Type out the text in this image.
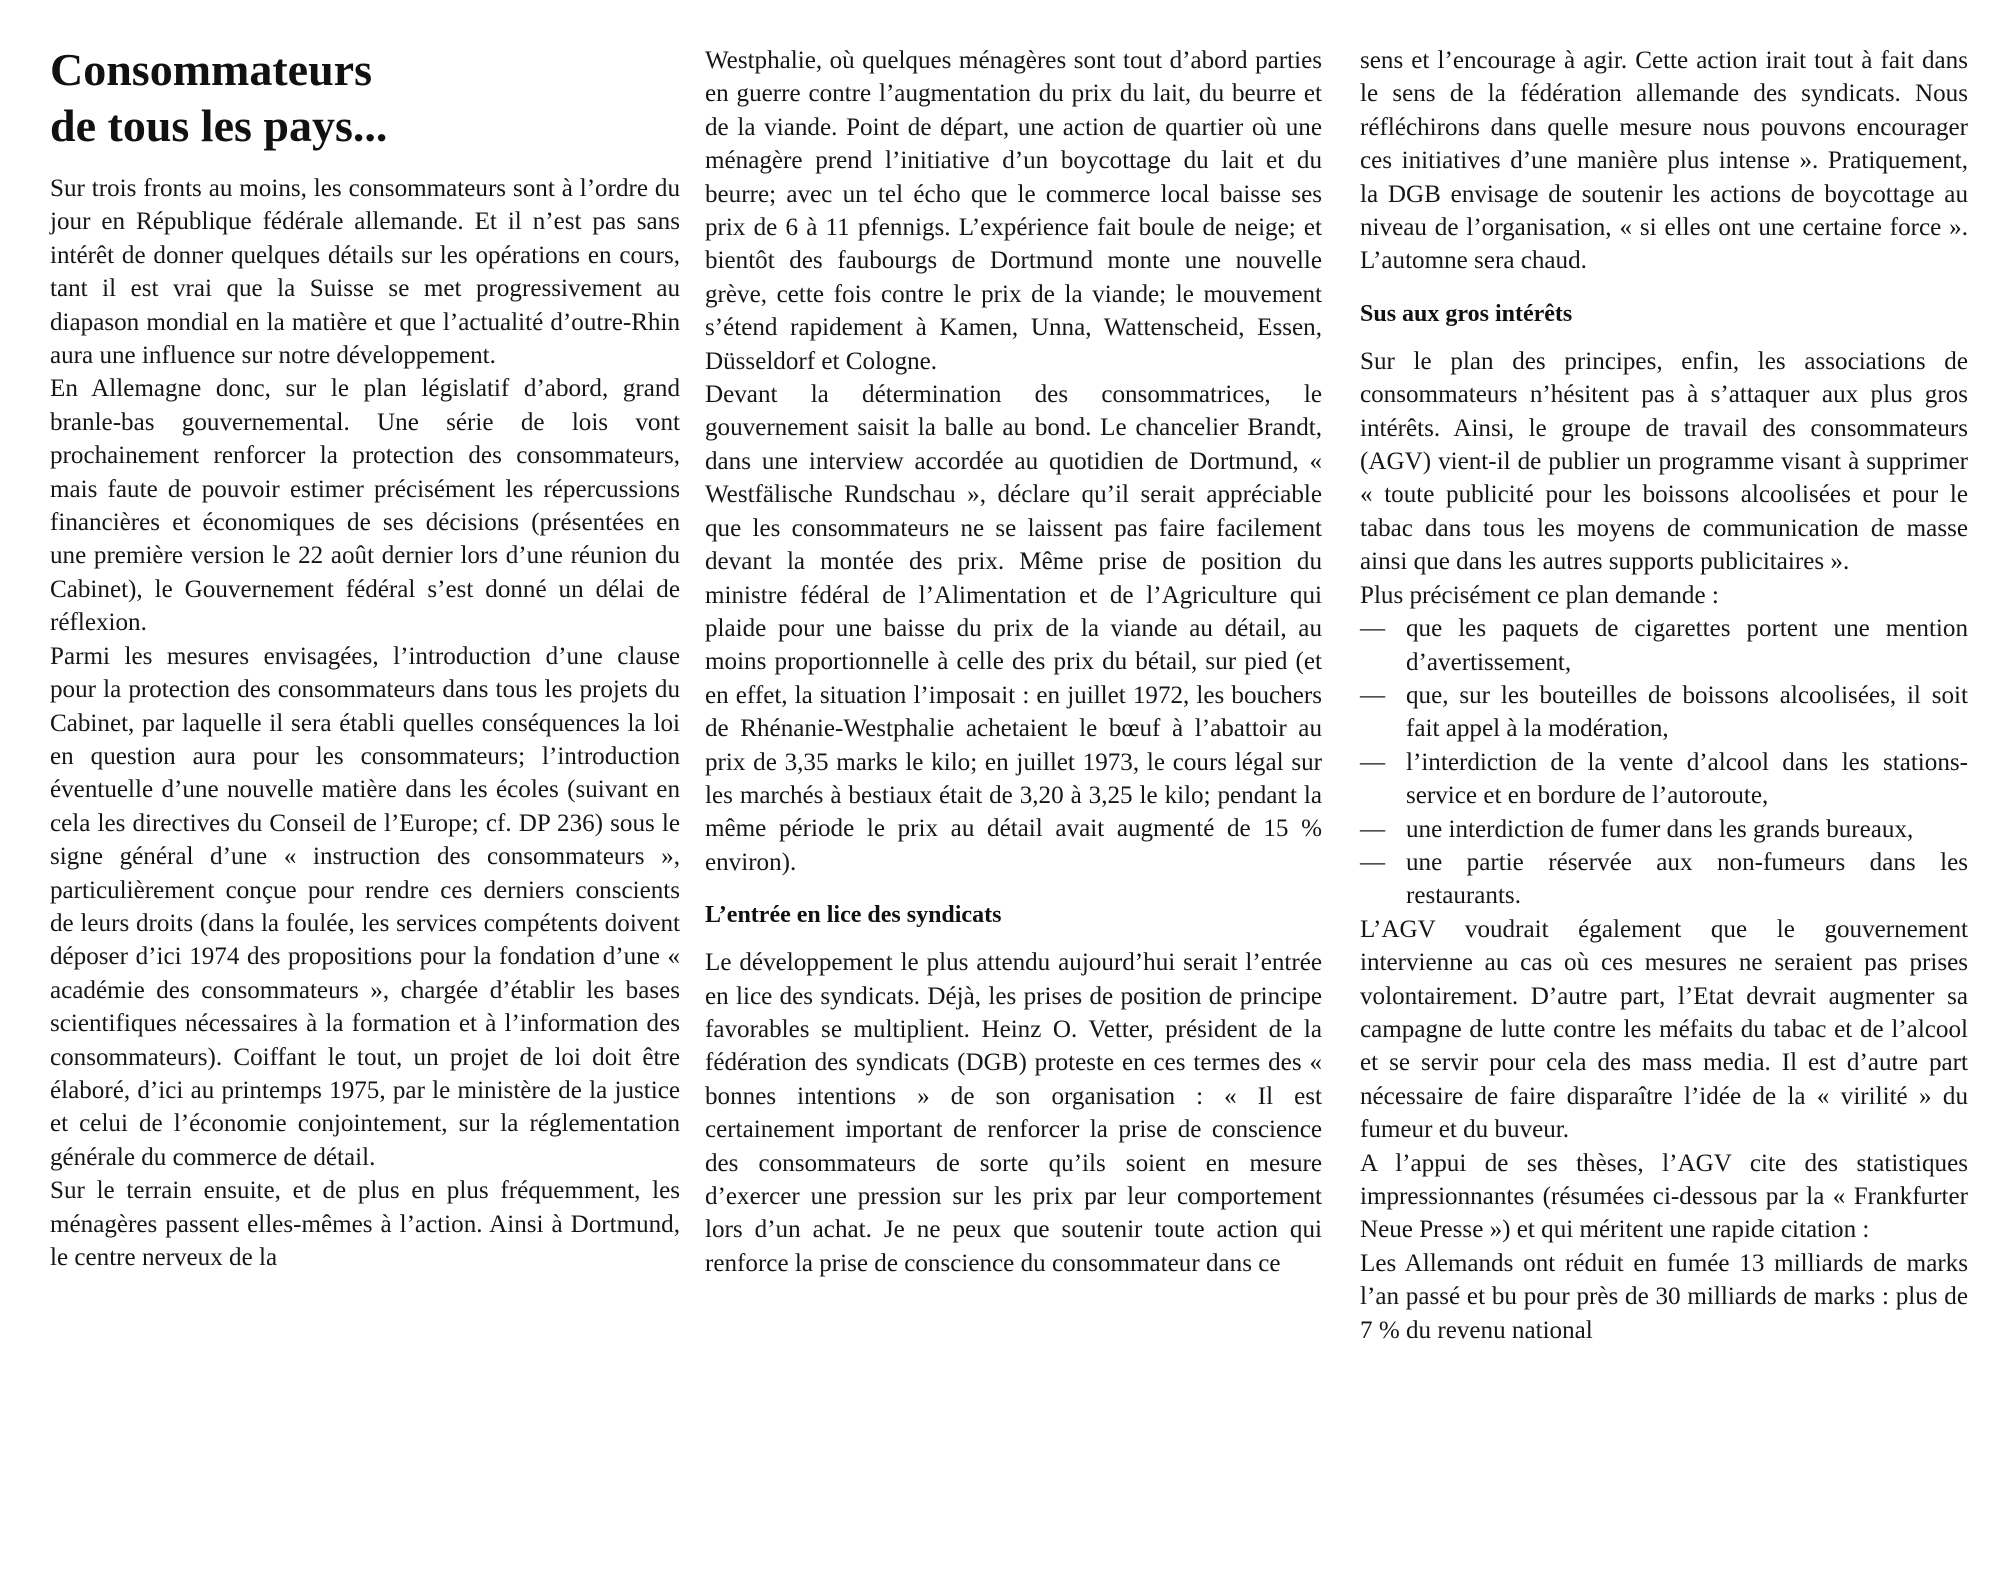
Consommateurs
de tous les pays...

Sur trois fronts au moins, les consommateurs sont à l’ordre du jour en République fédérale allemande. Et il n’est pas sans intérêt de donner quelques détails sur les opérations en cours, tant il est vrai que la Suisse se met progressivement au diapason mondial en la matière et que l’actualité d’outre-Rhin aura une influence sur notre développement.

En Allemagne donc, sur le plan législatif d’abord, grand branle-bas gouvernemental. Une série de lois vont prochainement renforcer la protection des consommateurs, mais faute de pouvoir estimer précisément les répercussions financières et économiques de ses décisions (présentées en une première version le 22 août dernier lors d’une réunion du Cabinet), le Gouvernement fédéral s’est donné un délai de réflexion.

Parmi les mesures envisagées, l’introduction d’une clause pour la protection des consommateurs dans tous les projets du Cabinet, par laquelle il sera établi quelles conséquences la loi en question aura pour les consommateurs; l’introduction éventuelle d’une nouvelle matière dans les écoles (suivant en cela les directives du Conseil de l’Europe; cf. DP 236) sous le signe général d’une « instruction des consommateurs », particulièrement conçue pour rendre ces derniers conscients de leurs droits (dans la foulée, les services compétents doivent déposer d’ici 1974 des propositions pour la fondation d’une « académie des consommateurs », chargée d’établir les bases scientifiques nécessaires à la formation et à l’information des consommateurs). Coiffant le tout, un projet de loi doit être élaboré, d’ici au printemps 1975, par le ministère de la justice et celui de l’économie conjointement, sur la réglementation générale du commerce de détail.

Sur le terrain ensuite, et de plus en plus fréquemment, les ménagères passent elles-mêmes à l’action. Ainsi à Dortmund, le centre nerveux de la

Westphalie, où quelques ménagères sont tout d’abord parties en guerre contre l’augmentation du prix du lait, du beurre et de la viande. Point de départ, une action de quartier où une ménagère prend l’initiative d’un boycottage du lait et du beurre; avec un tel écho que le commerce local baisse ses prix de 6 à 11 pfennigs. L’expérience fait boule de neige; et bientôt des faubourgs de Dortmund monte une nouvelle grève, cette fois contre le prix de la viande; le mouvement s’étend rapidement à Kamen, Unna, Wattenscheid, Essen, Düsseldorf et Cologne.

Devant la détermination des consommatrices, le gouvernement saisit la balle au bond. Le chancelier Brandt, dans une interview accordée au quotidien de Dortmund, « Westfälische Rundschau », déclare qu’il serait appréciable que les consommateurs ne se laissent pas faire facilement devant la montée des prix. Même prise de position du ministre fédéral de l’Alimentation et de l’Agriculture qui plaide pour une baisse du prix de la viande au détail, au moins proportionnelle à celle des prix du bétail, sur pied (et en effet, la situation l’imposait : en juillet 1972, les bouchers de Rhénanie-Westphalie achetaient le bœuf à l’abattoir au prix de 3,35 marks le kilo; en juillet 1973, le cours légal sur les marchés à bestiaux était de 3,20 à 3,25 le kilo; pendant la même période le prix au détail avait augmenté de 15 % environ).

L’entrée en lice des syndicats

Le développement le plus attendu aujourd’hui serait l’entrée en lice des syndicats. Déjà, les prises de position de principe favorables se multiplient. Heinz O. Vetter, président de la fédération des syndicats (DGB) proteste en ces termes des « bonnes intentions » de son organisation : « Il est certainement important de renforcer la prise de conscience des consommateurs de sorte qu’ils soient en mesure d’exercer une pression sur les prix par leur comportement lors d’un achat. Je ne peux que soutenir toute action qui renforce la prise de conscience du consommateur dans ce

sens et l’encourage à agir. Cette action irait tout à fait dans le sens de la fédération allemande des syndicats. Nous réfléchirons dans quelle mesure nous pouvons encourager ces initiatives d’une manière plus intense ». Pratiquement, la DGB envisage de soutenir les actions de boycottage au niveau de l’organisation, « si elles ont une certaine force ». L’automne sera chaud.

Sus aux gros intérêts

Sur le plan des principes, enfin, les associations de consommateurs n’hésitent pas à s’attaquer aux plus gros intérêts. Ainsi, le groupe de travail des consommateurs (AGV) vient-il de publier un programme visant à supprimer « toute publicité pour les boissons alcoolisées et pour le tabac dans tous les moyens de communication de masse ainsi que dans les autres supports publicitaires ».

Plus précisément ce plan demande :

— que les paquets de cigarettes portent une mention d’avertissement,
— que, sur les bouteilles de boissons alcoolisées, il soit fait appel à la modération,
— l’interdiction de la vente d’alcool dans les stations-service et en bordure de l’autoroute,
— une interdiction de fumer dans les grands bureaux,
— une partie réservée aux non-fumeurs dans les restaurants.

L’AGV voudrait également que le gouvernement intervienne au cas où ces mesures ne seraient pas prises volontairement. D’autre part, l’Etat devrait augmenter sa campagne de lutte contre les méfaits du tabac et de l’alcool et se servir pour cela des mass media. Il est d’autre part nécessaire de faire disparaître l’idée de la « virilité » du fumeur et du buveur.

A l’appui de ses thèses, l’AGV cite des statistiques impressionnantes (résumées ci-dessous par la « Frankfurter Neue Presse ») et qui méritent une rapide citation :

Les Allemands ont réduit en fumée 13 milliards de marks l’an passé et bu pour près de 30 milliards de marks : plus de 7 % du revenu national
